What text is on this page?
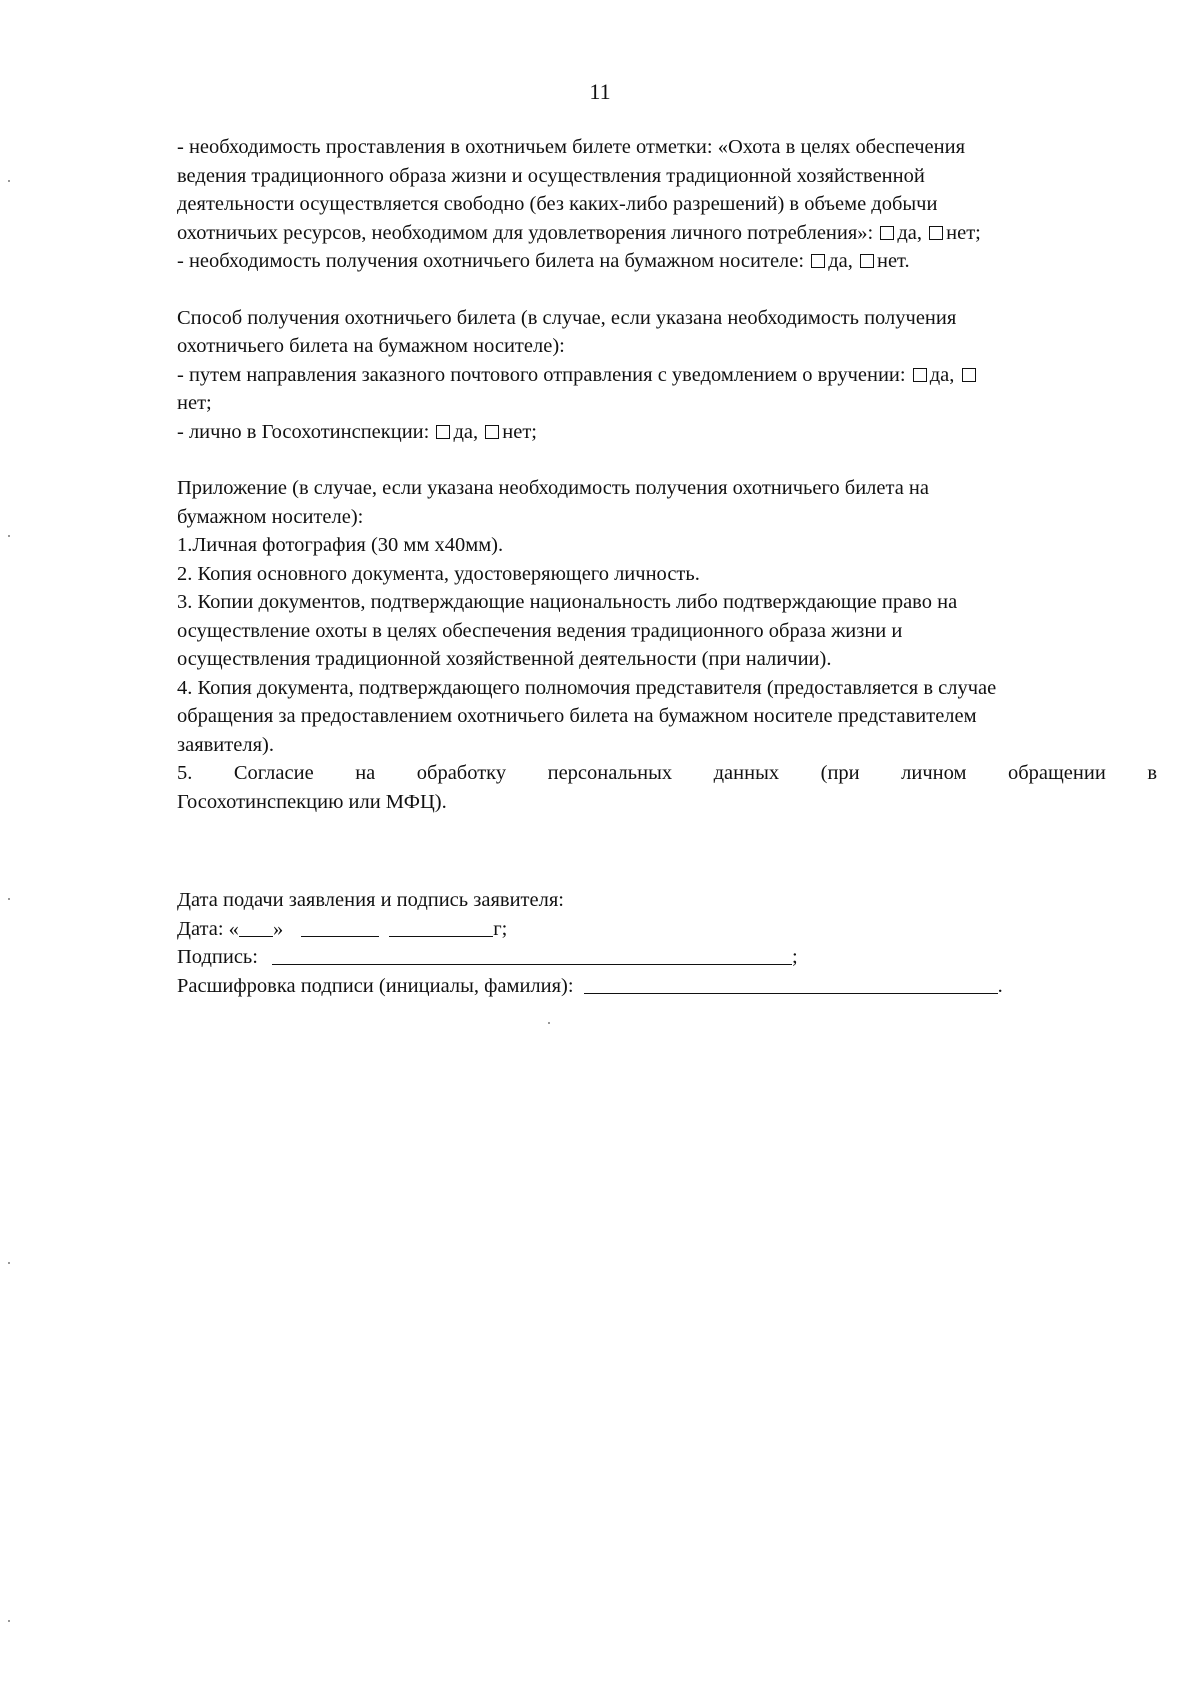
11
- необходимость проставления в охотничьем билете отметки: «Охота в целях обеспечения
ведения традиционного образа жизни и осуществления традиционной хозяйственной
деятельности осуществляется свободно (без каких-либо разрешений) в объеме добычи
охотничьих ресурсов, необходимом для удовлетворения личного потребления»: да, нет;
- необходимость получения охотничьего билета на бумажном носителе: да, нет.
Способ получения охотничьего билета (в случае, если указана необходимость получения
охотничьего билета на бумажном носителе):
- путем направления заказного почтового отправления с уведомлением о вручении: да,
нет;
- лично в Госохотинспекции: да, нет;
Приложение (в случае, если указана необходимость получения охотничьего билета на
бумажном носителе):
1.Личная фотография (30 мм х40мм).
2. Копия основного документа, удостоверяющего личность.
3. Копии документов, подтверждающие национальность либо подтверждающие право на
осуществление охоты в целях обеспечения ведения традиционного образа жизни и
осуществления традиционной хозяйственной деятельности (при наличии).
4. Копия документа, подтверждающего полномочия представителя (предоставляется в случае
обращения за предоставлением охотничьего билета на бумажном носителе представителем
заявителя).
5. Согласие на обработку персональных данных (при личном обращении в
Госохотинспекцию или МФЦ).
Дата подачи заявления и подпись заявителя:
Дата: « »	г;
Подпись:	;
Расшифровка подписи (инициалы, фамилия):	.
